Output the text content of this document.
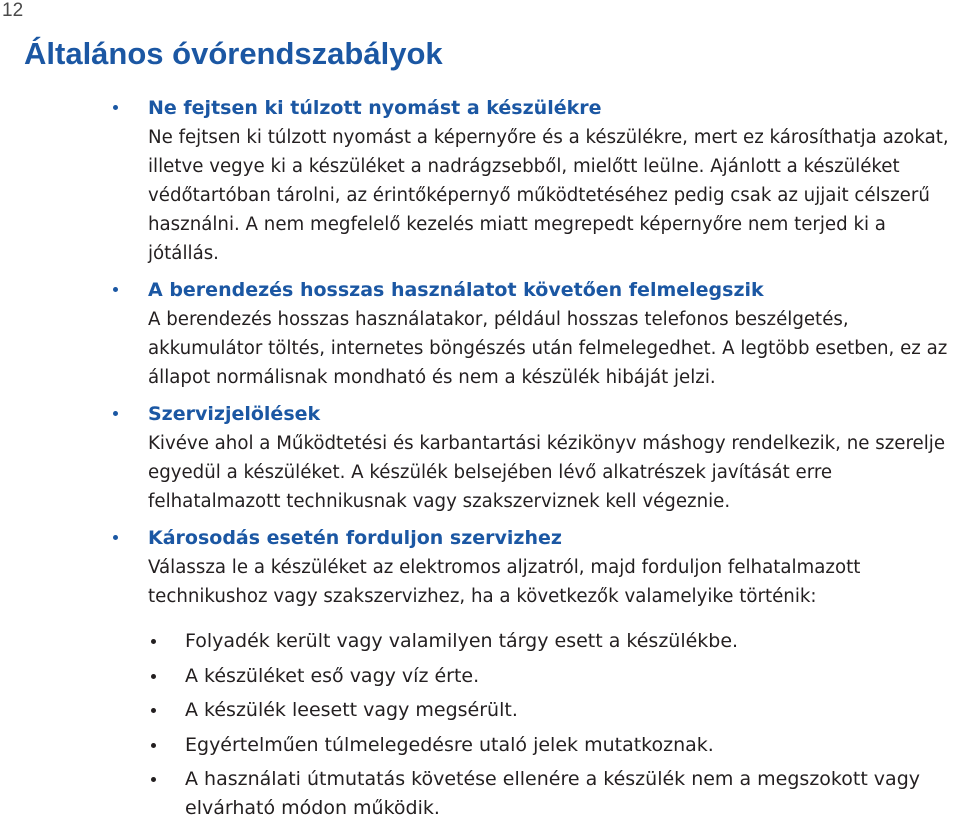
12
Általános óvórendszabályok
Ne fejtsen ki túlzott nyomást a készülékre

Ne fejtsen ki túlzott nyomást a képernyőre és a készülékre, mert ez károsíthatja azokat, illetve vegye ki a készüléket a nadrágzsebből, mielőtt leülne. Ajánlott a készüléket védőtartóban tárolni, az érintőképernyő működtetéséhez pedig csak az ujjait célszerű használni. A nem megfelelő kezelés miatt megrepedt képernyőre nem terjed ki a jótállás.

A berendezés hosszas használatot követően felmelegszik

A berendezés hosszas használatakor, például hosszas telefonos beszélgetés, akkumulátor töltés, internetes böngészés után felmelegedhet. A legtöbb esetben, ez az állapot normálisnak mondható és nem a készülék hibáját jelzi.

Szervizjelölések

Kivéve ahol a Működtetési és karbantartási kézikönyv máshogy rendelkezik, ne szerelje egyedül a készüléket. A készülék belsejében lévő alkatrészek javítását erre felhatalmazott technikusnak vagy szakszerviznek kell végeznie.

Károsodás esetén forduljon szervizhez

Válassza le a készüléket az elektromos aljzatról, majd forduljon felhatalmazott technikushoz vagy szakszervizhez, ha a következők valamelyike történik:

Folyadék került vagy valamilyen tárgy esett a készülékbe.
A készüléket eső vagy víz érte.
A készülék leesett vagy megsérült.
Egyértelműen túlmelegedésre utaló jelek mutatkoznak.
A használati útmutatás követése ellenére a készülék nem a megszokott vagy elvárható módon működik.
